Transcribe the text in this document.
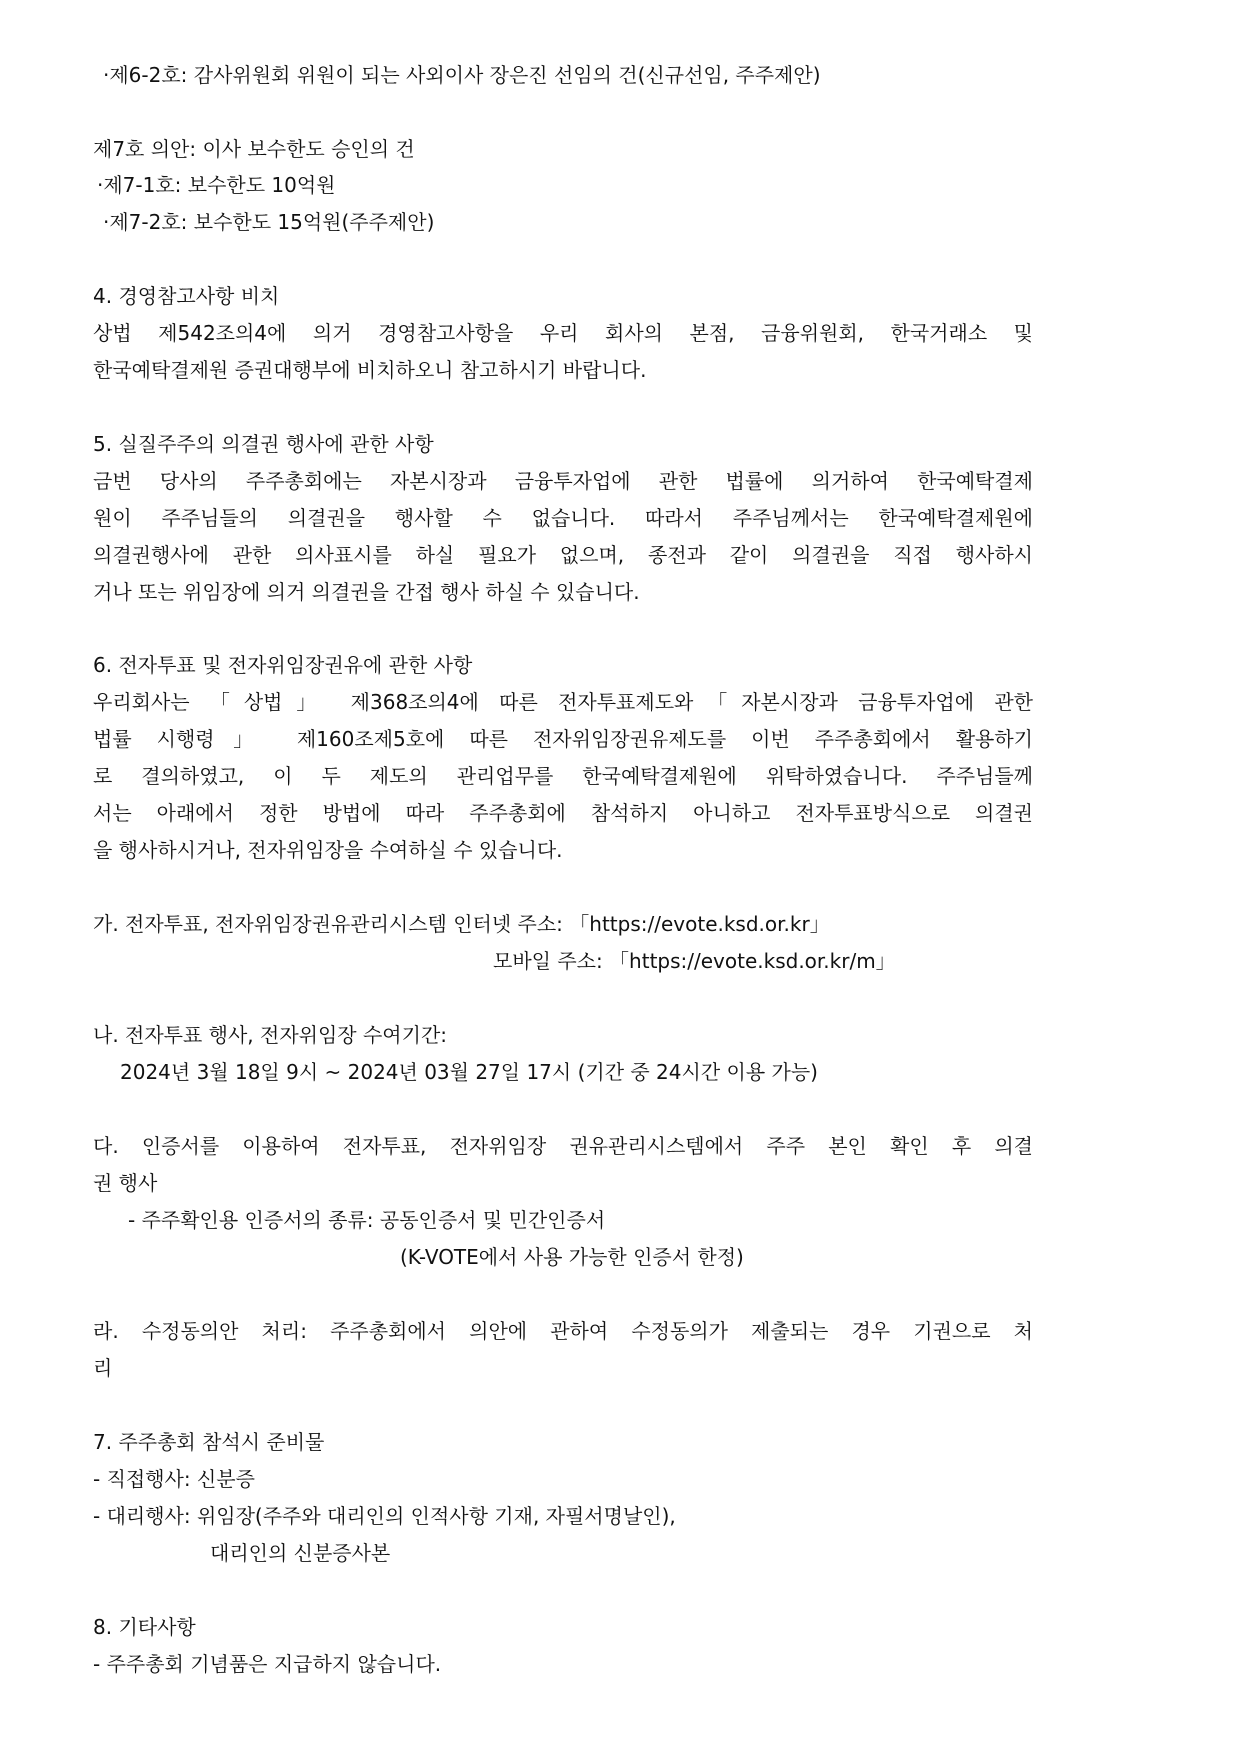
·제6-2호: 감사위원회 위원이 되는 사외이사 장은진 선임의 건(신규선임, 주주제안)
제7호 의안: 이사 보수한도 승인의 건
·제7-1호: 보수한도 10억원
·제7-2호: 보수한도 15억원(주주제안)
4. 경영참고사항 비치
상법 제542조의4에 의거 경영참고사항을 우리 회사의 본점, 금융위원회, 한국거래소 및
한국예탁결제원 증권대행부에 비치하오니 참고하시기 바랍니다.
5. 실질주주의 의결권 행사에 관한 사항
금번 당사의 주주총회에는 자본시장과 금융투자업에 관한 법률에 의거하여 한국예탁결제
원이 주주님들의 의결권을 행사할 수 없습니다. 따라서 주주님께서는 한국예탁결제원에
의결권행사에 관한 의사표시를 하실 필요가 없으며, 종전과 같이 의결권을 직접 행사하시
거나 또는 위임장에 의거 의결권을 간접 행사 하실 수 있습니다.
6. 전자투표 및 전자위임장권유에 관한 사항
우리회사는 「상법」 제368조의4에 따른 전자투표제도와「자본시장과 금융투자업에 관한
법률 시행령」 제160조제5호에 따른 전자위임장권유제도를 이번 주주총회에서 활용하기
로 결의하였고, 이 두 제도의 관리업무를 한국예탁결제원에 위탁하였습니다. 주주님들께
서는 아래에서 정한 방법에 따라 주주총회에 참석하지 아니하고 전자투표방식으로 의결권
을 행사하시거나, 전자위임장을 수여하실 수 있습니다.
가. 전자투표, 전자위임장권유관리시스템 인터넷 주소: 「https://evote.ksd.or.kr」
모바일 주소: 「https://evote.ksd.or.kr/m」
나. 전자투표 행사, 전자위임장 수여기간:
2024년 3월 18일 9시 ~ 2024년 03월 27일 17시 (기간 중 24시간 이용 가능)
다. 인증서를 이용하여 전자투표, 전자위임장 권유관리시스템에서 주주 본인 확인 후 의결
권 행사
- 주주확인용 인증서의 종류: 공동인증서 및 민간인증서
(K-VOTE에서 사용 가능한 인증서 한정)
라. 수정동의안 처리: 주주총회에서 의안에 관하여 수정동의가 제출되는 경우 기권으로 처
리
7. 주주총회 참석시 준비물
- 직접행사: 신분증
- 대리행사: 위임장(주주와 대리인의 인적사항 기재, 자필서명날인),
대리인의 신분증사본
8. 기타사항
- 주주총회 기념품은 지급하지 않습니다.
